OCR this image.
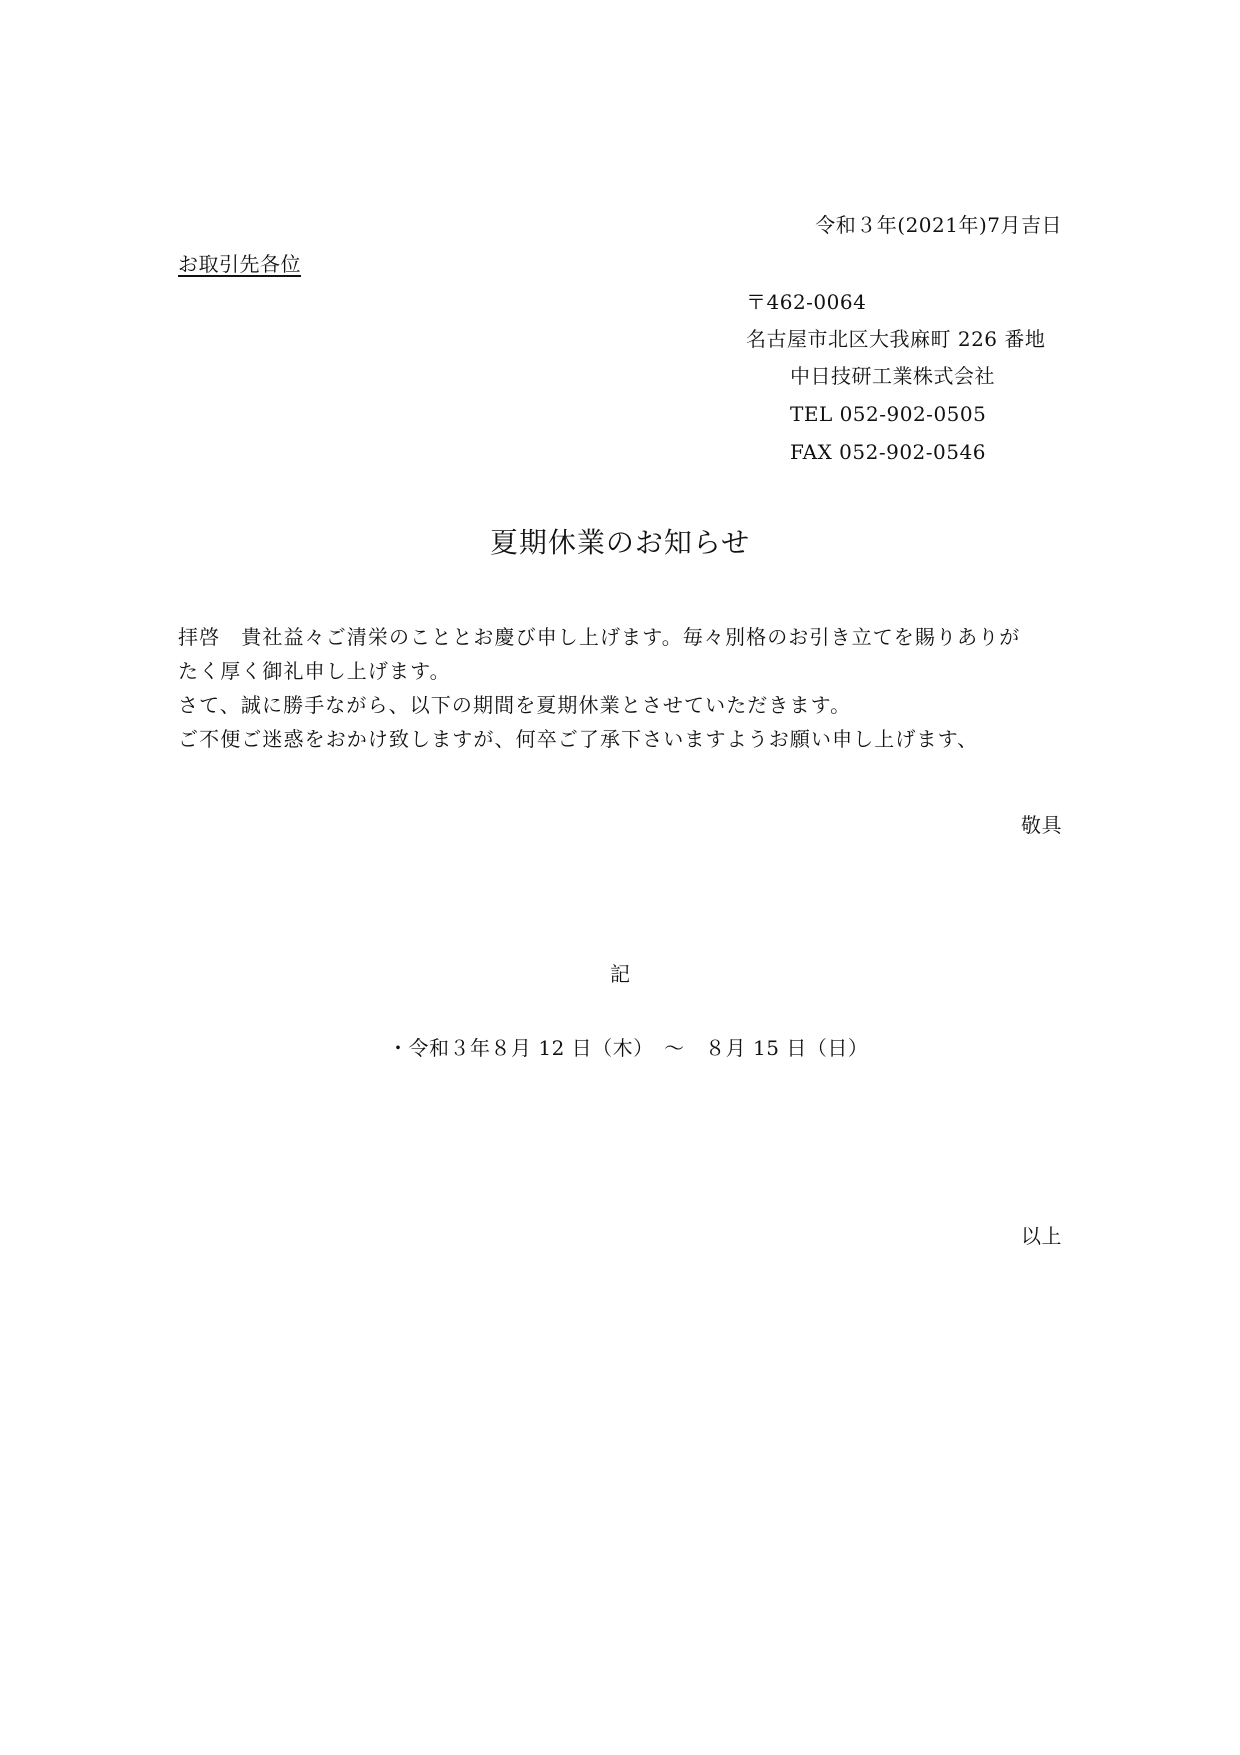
令和３年(2021年)7月吉日
お取引先各位
〒462-0064
名古屋市北区大我麻町 226 番地
中日技研工業株式会社
TEL 052-902-0505
FAX 052-902-0546
夏期休業のお知らせ

拝啓　貴社益々ご清栄のこととお慶び申し上げます。毎々別格のお引き立てを賜りありが

たく厚く御礼申し上げます。

さて、誠に勝手ながら、以下の期間を夏期休業とさせていただきます。

ご不便ご迷惑をおかけ致しますが、何卒ご了承下さいますようお願い申し上げます、

敬具
記
・令和３年８月 12 日（木）　～　８月 15 日（日）
以上
